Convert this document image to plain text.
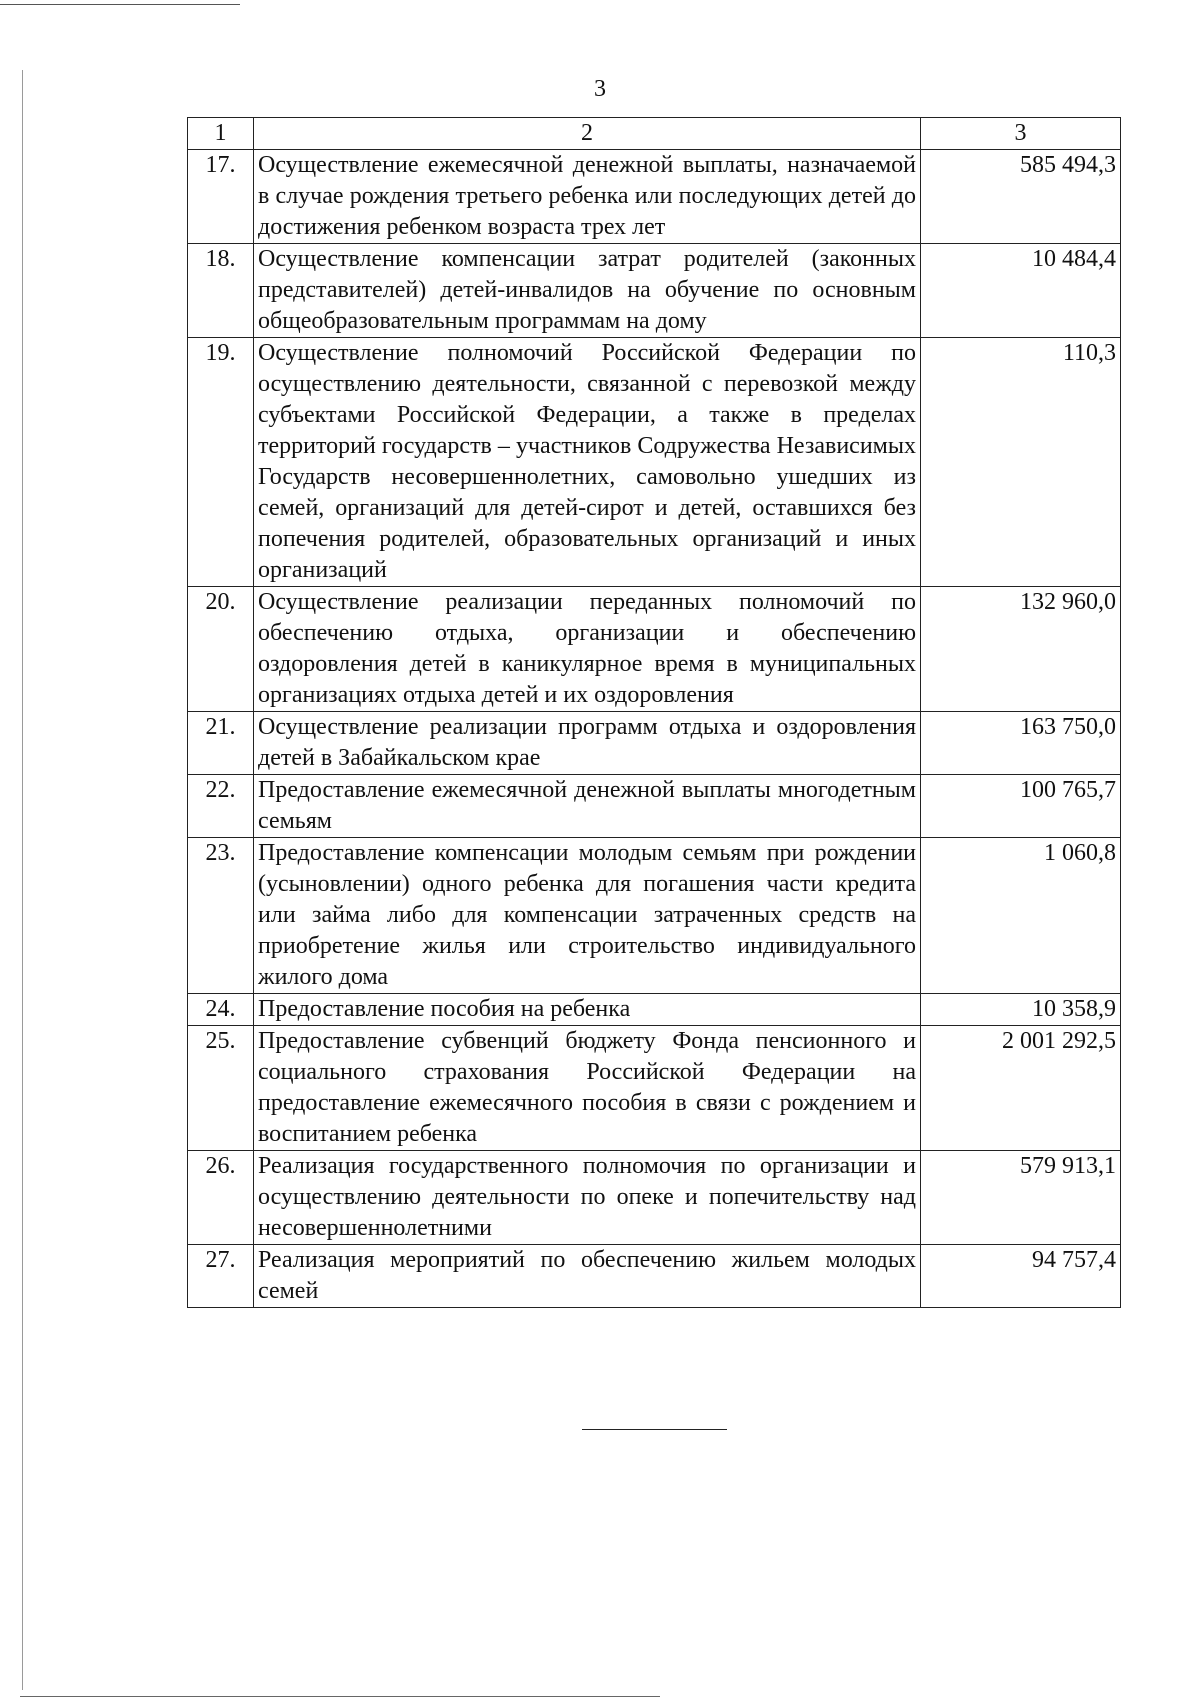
3
1	2	3
17.	Осуществление ежемесячной денежной выплаты, назначаемой в случае рождения третьего ребенка или последующих детей до достижения ребенком возраста трех лет	585 494,3
18.	Осуществление компенсации затрат родителей (законных представителей) детей-инвалидов на обучение по основным общеобразовательным программам на дому	10 484,4
19.	Осуществление полномочий Российской Федерации по осуществлению деятельности, связанной с перевозкой между субъектами Российской Федерации, а также в пределах территорий государств – участников Содружества Независимых Государств несовершеннолетних, самовольно ушедших из семей, организаций для детей-сирот и детей, оставшихся без попечения родителей, образовательных организаций и иных организаций	110,3
20.	Осуществление реализации переданных полномочий по обеспечению отдыха, организации и обеспечению оздоровления детей в каникулярное время в муниципальных организациях отдыха детей и их оздоровления	132 960,0
21.	Осуществление реализации программ отдыха и оздоровления детей в Забайкальском крае	163 750,0
22.	Предоставление ежемесячной денежной выплаты многодетным семьям	100 765,7
23.	Предоставление компенсации молодым семьям при рождении (усыновлении) одного ребенка для погашения части кредита или займа либо для компенсации затраченных средств на приобретение жилья или строительство индивидуального жилого дома	1 060,8
24.	Предоставление пособия на ребенка	10 358,9
25.	Предоставление субвенций бюджету Фонда пенсионного и социального страхования Российской Федерации на предоставление ежемесячного пособия в связи с рождением и воспитанием ребенка	2 001 292,5
26.	Реализация государственного полномочия по организации и осуществлению деятельности по опеке и попечительству над несовершеннолетними	579 913,1
27.	Реализация мероприятий по обеспечению жильем молодых семей	94 757,4
